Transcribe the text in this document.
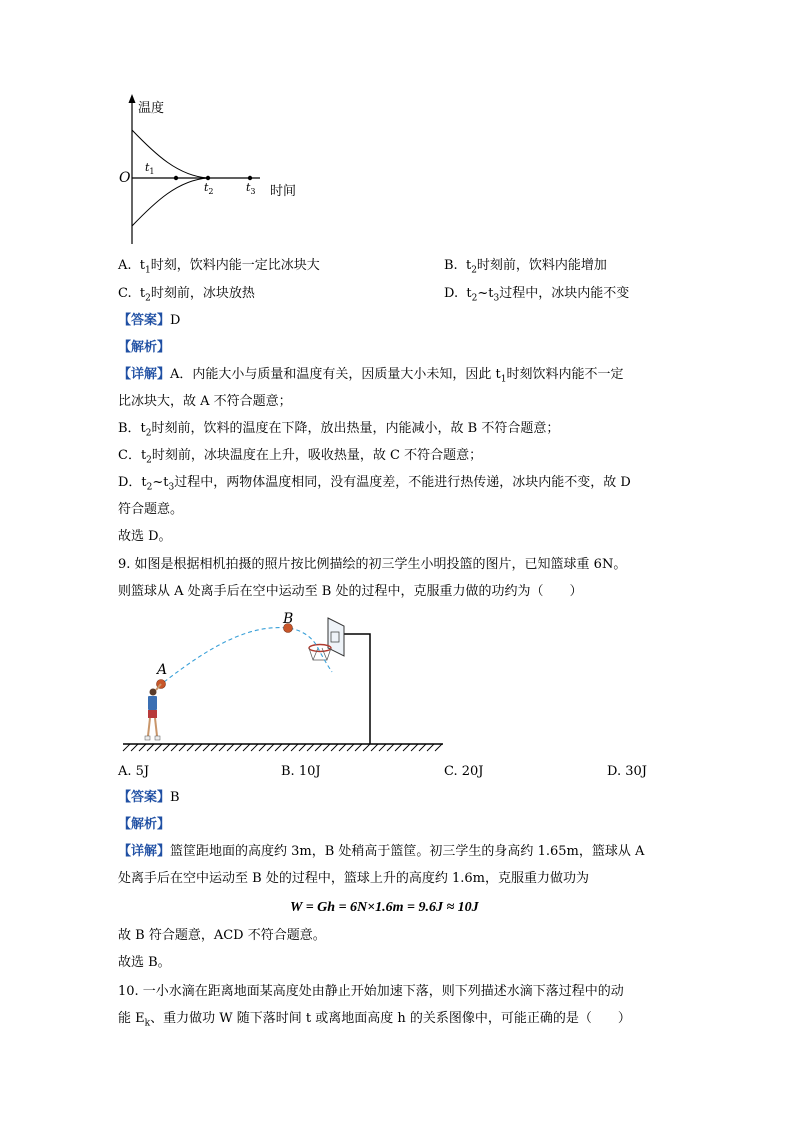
温度
时间
O
$t_1$
$t_2$	$t_3$
A. $t_1$时刻，饮料内能一定比冰块大	B. $t_2$时刻前，饮料内能增加
C. $t_2$时刻前，冰块放热	D. $t_2\sim t_3$过程中，冰块内能不变
【答案】D
【解析】
【详解】A．内能大小与质量和温度有关，因质量大小未知，因此 $t_1$时刻饮料内能不一定
比冰块大，故 A 不符合题意；
B．$t_2$时刻前，饮料的温度在下降，放出热量，内能减小，故 B 不符合题意；
C．$t_2$时刻前，冰块温度在上升，吸收热量，故 C 不符合题意；
D．$t_2\sim t_3$过程中，两物体温度相同，没有温度差，不能进行热传递，冰块内能不变，故 D
符合题意。
故选 D。
9. 如图是根据相机拍摄的照片按比例描绘的初三学生小明投篮的图片，已知篮球重 6N。
则篮球从 A 处离手后在空中运动至 B 处的过程中，克服重力做的功约为（　　）
A
B
A. 5J	B. 10J	C. 20J	D. 30J
【答案】B
【解析】
【详解】篮筐距地面的高度约 3m，B 处稍高于篮筐。初三学生的身高约 1.65m，篮球从 A
处离手后在空中运动至 B 处的过程中，篮球上升的高度约 1.6m，克服重力做功为
W = Gh = 6N×1.6m = 9.6J ≈ 10J
故 B 符合题意，ACD 不符合题意。
故选 B。
10. 一小水滴在距离地面某高度处由静止开始加速下落，则下列描述水滴下落过程中的动
能 $E_k$、重力做功 W 随下落时间 t 或离地面高度 h 的关系图像中，可能正确的是（　　）
